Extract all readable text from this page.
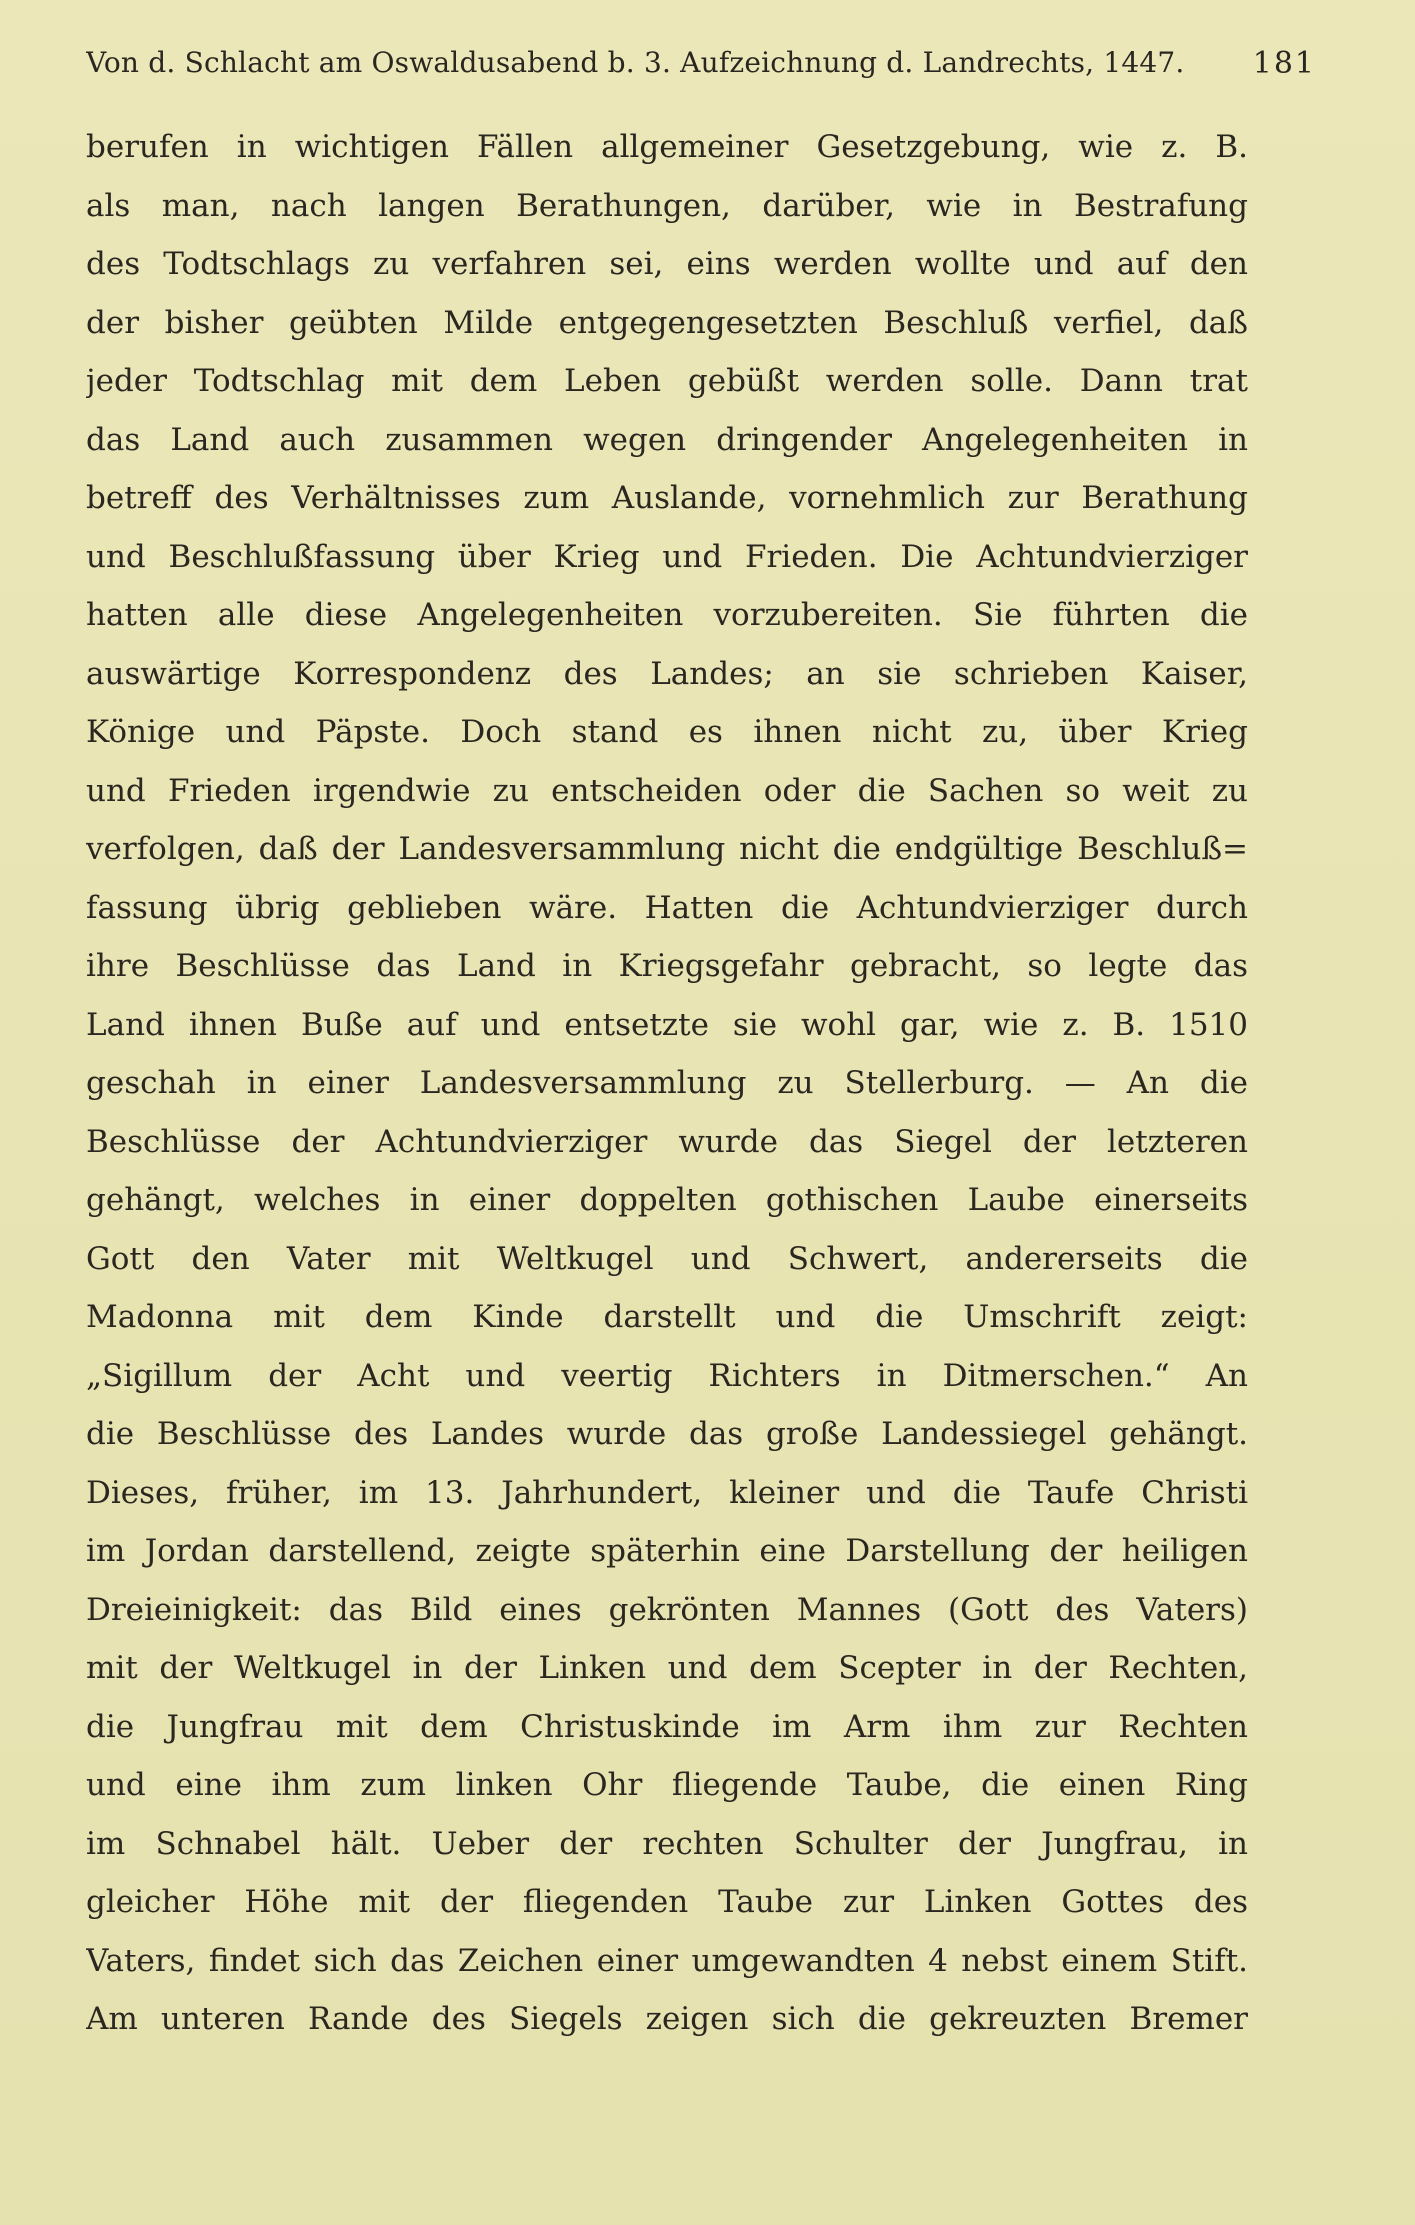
Von d. Schlacht am Oswaldusabend b. 3. Aufzeichnung d. Landrechts, 1447. 181
berufen in wichtigen Fällen allgemeiner Gesetzgebung, wie z. B.
als man, nach langen Berathungen, darüber, wie in Bestrafung
des Todtschlags zu verfahren sei, eins werden wollte und auf den
der bisher geübten Milde entgegengesetzten Beschluß verfiel, daß
jeder Todtschlag mit dem Leben gebüßt werden solle. Dann trat
das Land auch zusammen wegen dringender Angelegenheiten in
betreff des Verhältnisses zum Auslande, vornehmlich zur Berathung
und Beschlußfassung über Krieg und Frieden. Die Achtundvierziger
hatten alle diese Angelegenheiten vorzubereiten. Sie führten die
auswärtige Korrespondenz des Landes; an sie schrieben Kaiser,
Könige und Päpste. Doch stand es ihnen nicht zu, über Krieg
und Frieden irgendwie zu entscheiden oder die Sachen so weit zu
verfolgen, daß der Landesversammlung nicht die endgültige Beschluß=
fassung übrig geblieben wäre. Hatten die Achtundvierziger durch
ihre Beschlüsse das Land in Kriegsgefahr gebracht, so legte das
Land ihnen Buße auf und entsetzte sie wohl gar, wie z. B. 1510
geschah in einer Landesversammlung zu Stellerburg. — An die
Beschlüsse der Achtundvierziger wurde das Siegel der letzteren
gehängt, welches in einer doppelten gothischen Laube einerseits
Gott den Vater mit Weltkugel und Schwert, andererseits die
Madonna mit dem Kinde darstellt und die Umschrift zeigt:
„Sigillum der Acht und veertig Richters in Ditmerschen.“ An
die Beschlüsse des Landes wurde das große Landessiegel gehängt.
Dieses, früher, im 13. Jahrhundert, kleiner und die Taufe Christi
im Jordan darstellend, zeigte späterhin eine Darstellung der heiligen
Dreieinigkeit: das Bild eines gekrönten Mannes (Gott des Vaters)
mit der Weltkugel in der Linken und dem Scepter in der Rechten,
die Jungfrau mit dem Christuskinde im Arm ihm zur Rechten
und eine ihm zum linken Ohr fliegende Taube, die einen Ring
im Schnabel hält. Ueber der rechten Schulter der Jungfrau, in
gleicher Höhe mit der fliegenden Taube zur Linken Gottes des
Vaters, findet sich das Zeichen einer umgewandten 4 nebst einem Stift.
Am unteren Rande des Siegels zeigen sich die gekreuzten Bremer
